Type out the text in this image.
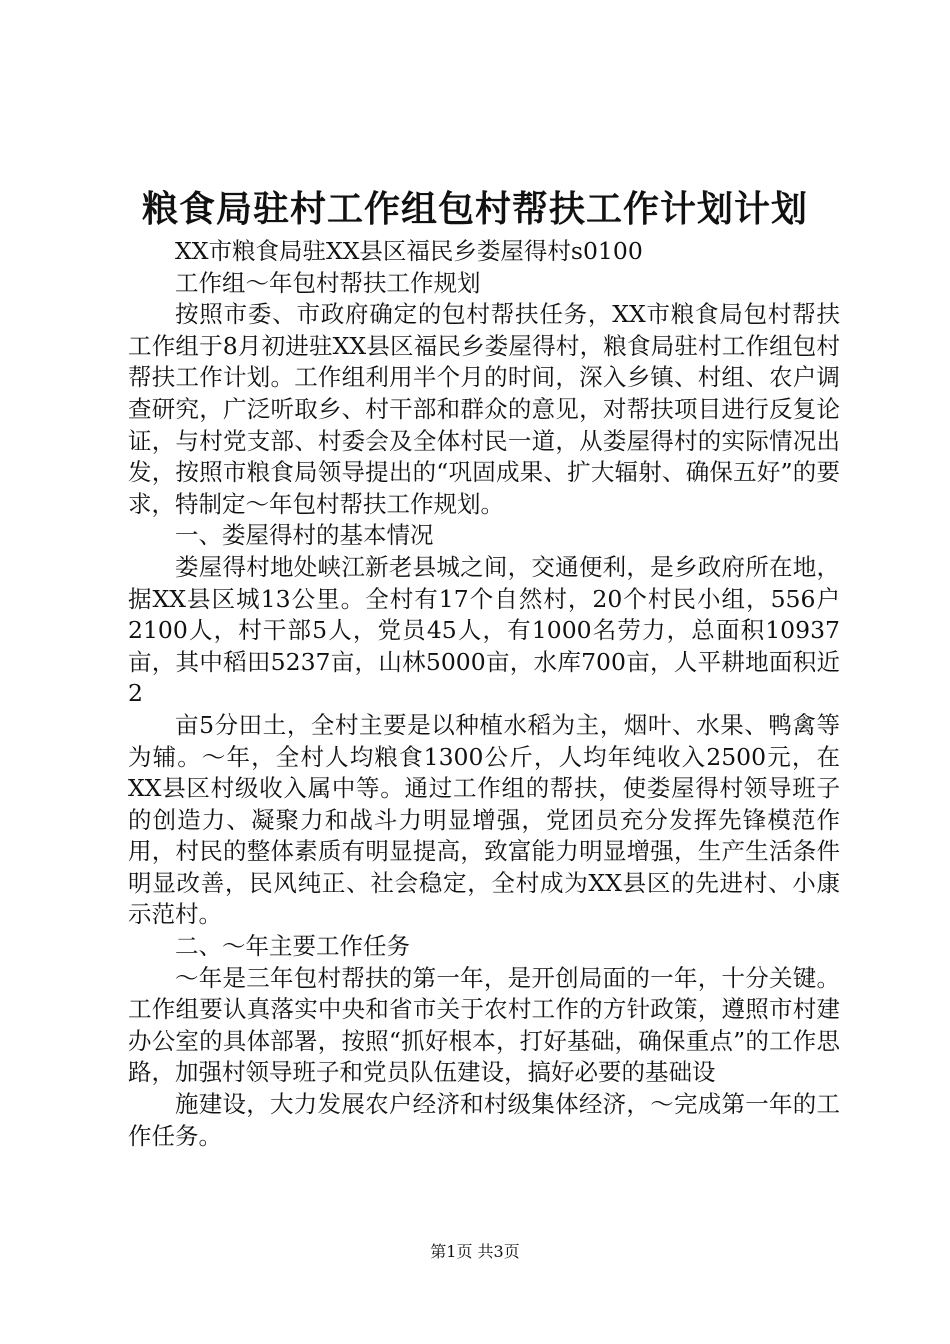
粮食局驻村工作组包村帮扶工作计划计划

XX市粮食局驻XX县区福民乡娄屋得村s0100

工作组～年包村帮扶工作规划

按照市委、市政府确定的包村帮扶任务，XX市粮食局包村帮扶工作组于8月初进驻XX县区福民乡娄屋得村，粮食局驻村工作组包村帮扶工作计划。工作组利用半个月的时间，深入乡镇、村组、农户调查研究，广泛听取乡、村干部和群众的意见，对帮扶项目进行反复论证，与村党支部、村委会及全体村民一道，从娄屋得村的实际情况出发，按照市粮食局领导提出的“巩固成果、扩大辐射、确保五好”的要求，特制定～年包村帮扶工作规划。

一、娄屋得村的基本情况

娄屋得村地处峡江新老县城之间，交通便利，是乡政府所在地，据XX县区城13公里。全村有17个自然村，20个村民小组，556户2100人，村干部5人，党员45人，有1000名劳力，总面积10937亩，其中稻田5237亩，山林5000亩，水库700亩，人平耕地面积近2

亩5分田土，全村主要是以种植水稻为主，烟叶、水果、鸭禽等为辅。～年，全村人均粮食1300公斤，人均年纯收入2500元，在XX县区村级收入属中等。通过工作组的帮扶，使娄屋得村领导班子的创造力、凝聚力和战斗力明显增强，党团员充分发挥先锋模范作用，村民的整体素质有明显提高，致富能力明显增强，生产生活条件明显改善，民风纯正、社会稳定，全村成为XX县区的先进村、小康示范村。

二、～年主要工作任务

～年是三年包村帮扶的第一年，是开创局面的一年，十分关键。工作组要认真落实中央和省市关于农村工作的方针政策，遵照市村建办公室的具体部署，按照“抓好根本，打好基础，确保重点”的工作思路，加强村领导班子和党员队伍建设，搞好必要的基础设

施建设，大力发展农户经济和村级集体经济，～完成第一年的工作任务。

第1页 共3页
